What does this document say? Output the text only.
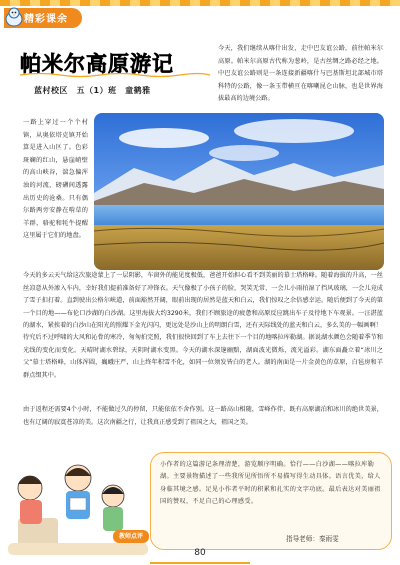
精彩课余
帕米尔高原游记
蓝村校区　五（1）班　童鹤雅
今天，我们继续从喀什出发，走中巴友谊公路，前往帕米尔高原。帕米尔高原古代称为葱岭，是古丝绸之路必经之地。中巴友谊公路则是一条连接新疆喀什与巴基斯坦北部城市塔科特的公路，像一条玉带横亘在喀喇昆仑山脉，也是世界海拔最高的边境公路。
一路上穿过一个个村镇，从奥依塔克镇开始算是进入山区了。色彩斑斓的红山，悬崖峭壁的高山峡谷，湍急偏浑浊的河流，磅礴间透露出历史的沧桑。只有偶尔路两旁安静在啃草的羊群，骆驼和牦牛提醒这里属于它们的地盘。
今天的多云天气给这次旅途蒙上了一层阴影，车窗外的能见度极低，爸爸开始担心看不到美丽的慕士塔格峰。随着海拔的升高，一丝丝凉意从外渗入车内，幸好我们提前准备好了冲锋衣。天气像极了小孩子的脸，哭笑无常，一会儿小雨拍湿了挡风玻璃，一会儿竟成了雪子扣打着。直到驶出公格尔峡道，前面豁然开阔，眼前出现的居然是蓝天和白云，我们惊叹之余倍感幸运。随后便到了今天的第一个目的地——布伦口沙湖的白沙湖。这里海拔大约3290米，我们不顾旅途的疲惫和高原反应跳出车子及待地下车观景。一汪湛蓝的湖水，紧挨着的白沙山在阳光的照耀下金光闪闪，更远处是沙山上的明朗白雪，还有天际线处的蓝天和白云，多么美的一幅画啊！
待究后不过呼啸的大风和沁骨的寒冷，匆匆拍完照，我们很快回到了车上去往下一个目的地喀拉库勒湖。据说湖水颜色会随着季节和光线的变化而变化。天晴时湖水碧绿，天阴时湖水变黑。今天的湖水深邃幽黯，湖面波光微烁，流光溢彩。湖东面矗立着“冰川之父”慕士塔格峰，山体浑圆，巍峨庄严，山上终年积雪不化，如同一位须发皆白的老人。湖的南面是一片金黄色的草原，白毡房和羊群点缀其中。
由于返程还需要4个小时，不能做过久的停留，只能依依不舍作别。这一路高山相随，雪峰作伴，既有高原湖泊和冰川的绝世美景，也有辽阔的寂寞苍凉的美。这次南疆之行，让我真正感受到了祖国之大，祖国之美。
教师点评
小作者的这篇游记条理清楚，游览顺序明确。恰行——白沙湖——喀拉库勒湖。主要景物描述了一些我所见所悟所不易描写得生动具体。语言优美，给人身临其境之感。足见小作者平时的积累和扎实的文字功底。最后表达对美丽祖国的赞叹，不足自己的心理感受。
指导老师：秦雨雯
80
